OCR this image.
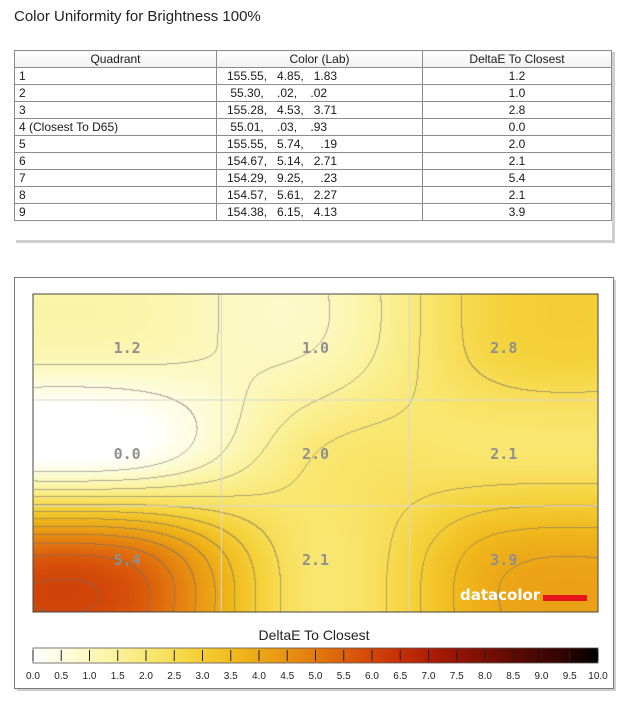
Color Uniformity for Brightness 100%
Quadrant	Color (Lab)	DeltaE To Closest
1	155.55,   4.85,   1.83	1.2
2	55.30,    .02,    .02	1.0
3	155.28,   4.53,   3.71	2.8
4 (Closest To D65)	55.01,    .03,    .93	0.0
5	155.55,   5.74,     .19	2.0
6	154.67,   5.14,   2.71	2.1
7	154.29,   9.25,     .23	5.4
8	154.57,   5.61,   2.27	2.1
9	154.38,   6.15,   4.13	3.9
1.2	1.0	2.8
0.0	2.0	2.1
5.4	2.1	3.9
datacolor
DeltaE To Closest
0.0 0.5 1.0 1.5 2.0 2.5 3.0 3.5 4.0 4.5 5.0 5.5 6.0 6.5 7.0 7.5 8.0 8.5 9.0 9.5 10.0
